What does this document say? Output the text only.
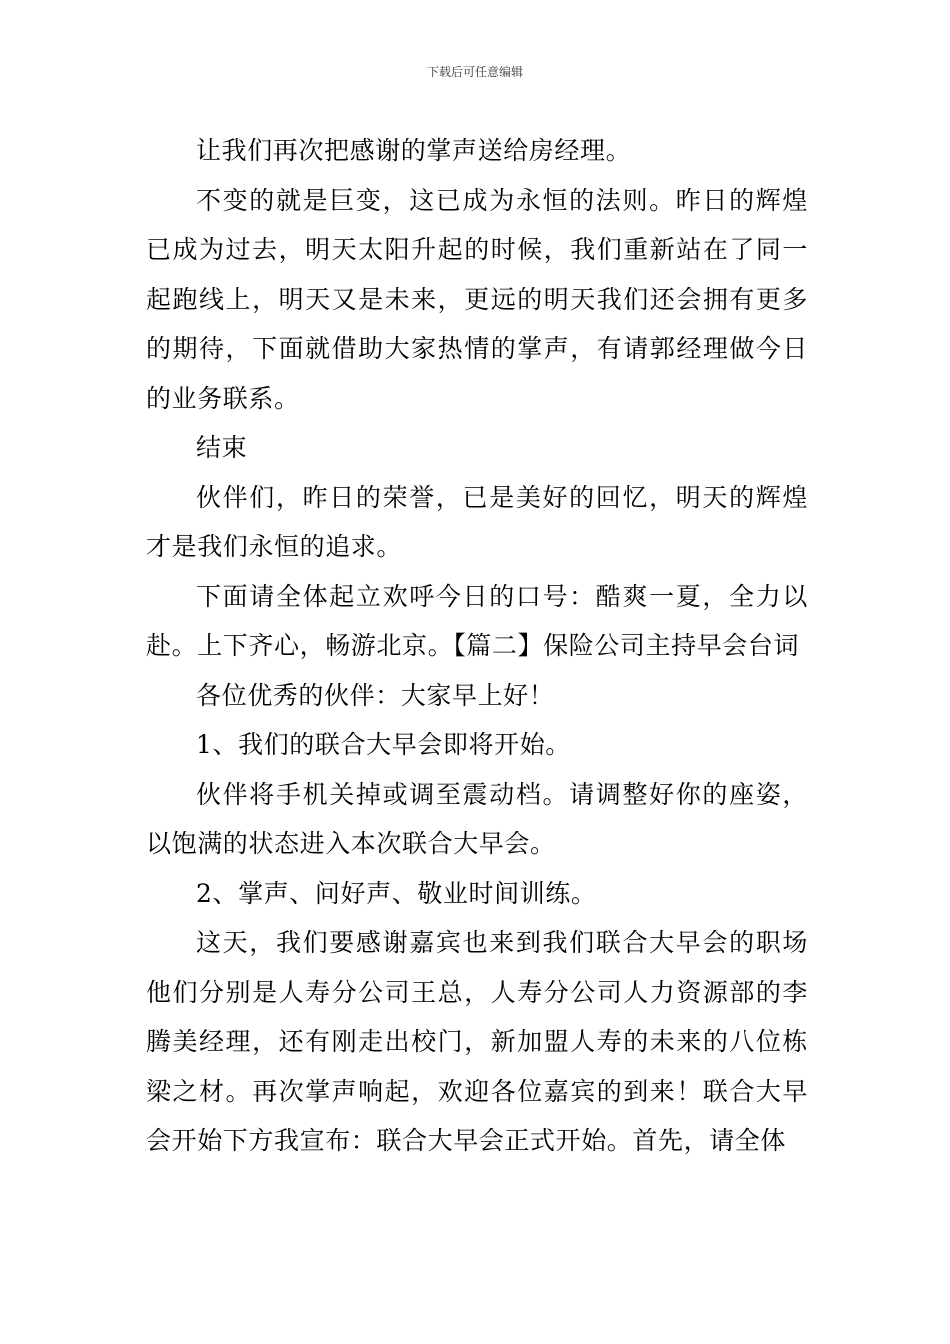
下载后可任意编辑

让我们再次把感谢的掌声送给房经理。

不变的就是巨变，这已成为永恒的法则。昨日的辉煌已成为过去，明天太阳升起的时候，我们重新站在了同一起跑线上，明天又是未来，更远的明天我们还会拥有更多的期待，下面就借助大家热情的掌声，有请郭经理做今日的业务联系。

结束

伙伴们，昨日的荣誉，已是美好的回忆，明天的辉煌才是我们永恒的追求。

下面请全体起立欢呼今日的口号：酷爽一夏，全力以赴。上下齐心，畅游北京。【篇二】保险公司主持早会台词

各位优秀的伙伴：大家早上好！

1、我们的联合大早会即将开始。

伙伴将手机关掉或调至震动档。请调整好你的座姿，以饱满的状态进入本次联合大早会。

2、掌声、问好声、敬业时间训练。

这天，我们要感谢嘉宾也来到我们联合大早会的职场他们分别是人寿分公司王总，人寿分公司人力资源部的李腾美经理，还有刚走出校门，新加盟人寿的未来的八位栋梁之材。再次掌声响起，欢迎各位嘉宾的到来！联合大早会开始下方我宣布：联合大早会正式开始。首先，请全体
